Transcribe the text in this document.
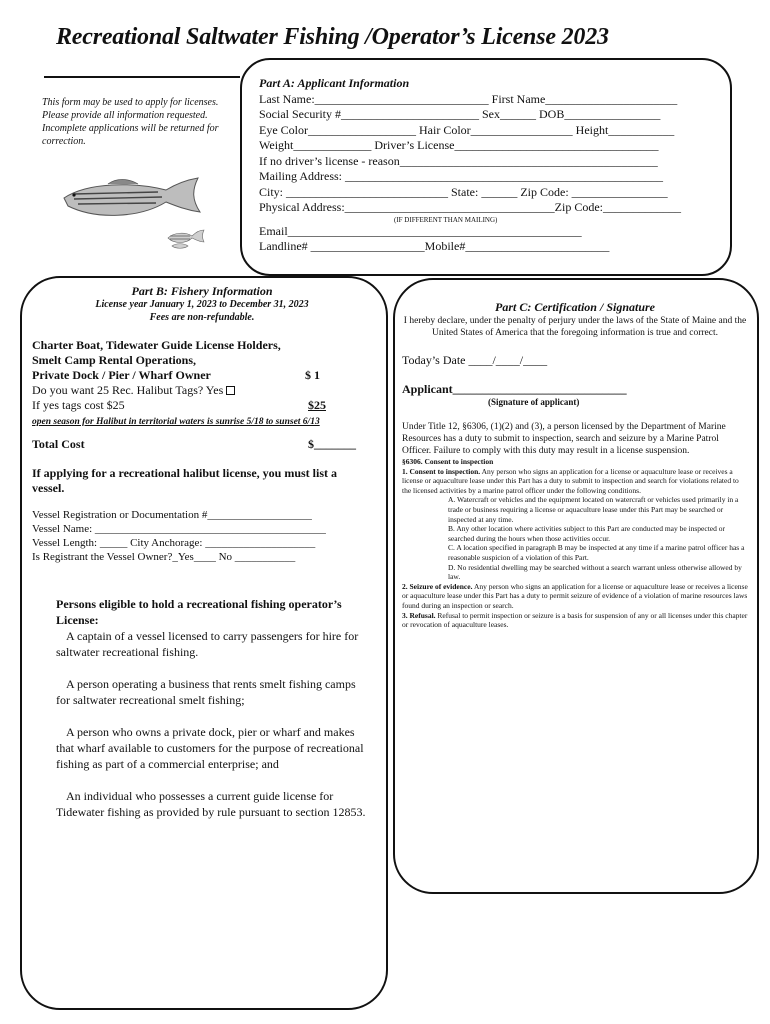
Recreational Saltwater Fishing /Operator’s License 2023
This form may be used to apply for licenses. Please provide all information requested. Incomplete applications will be returned for correction.
Part A: Applicant Information
Last Name:_____________________________ First Name______________________
Social Security #_______________________ Sex______ DOB________________
Eye Color__________________ Hair Color_________________ Height___________
Weight_____________ Driver’s License__________________________________
If no driver’s license - reason___________________________________________
Mailing Address: _____________________________________________________
City: ___________________________ State: ______ Zip Code: ________________
Physical Address:___________________________________Zip Code:_____________
(IF DIFFERENT THAN MAILING)
Email_________________________________________________
Landline# ___________________Mobile#________________________
Part B: Fishery Information
License year January 1, 2023 to December 31, 2023
Fees are non-refundable.
Charter Boat, Tidewater Guide License Holders,
Smelt Camp Rental Operations,
Private Dock / Pier / Wharf Owner	$ 1
Do you want 25 Rec. Halibut Tags? Yes
If yes tags cost $25	$25
open season for Halibut in territorial waters is sunrise 5/18 to sunset 6/13
Total Cost	$_______
If applying for a recreational halibut license, you must list a vessel.
Vessel Registration or Documentation #___________________
Vessel Name: __________________________________________
Vessel Length: _____ City Anchorage: ____________________
Is Registrant the Vessel Owner?_Yes____ No ___________

Persons eligible to hold a recreational fishing operator’s License:

A captain of a vessel licensed to carry passengers for hire for saltwater recreational fishing.

A person operating a business that rents smelt fishing camps for saltwater recreational smelt fishing;

A person who owns a private dock, pier or wharf and makes that wharf available to customers for the purpose of recreational fishing as part of a commercial enterprise; and

An individual who possesses a current guide license for Tidewater fishing as provided by rule pursuant to section 12853.

Part C: Certification / Signature
I hereby declare, under the penalty of perjury under the laws of the State of Maine and the United States of America that the foregoing information is true and correct.
Today’s Date ____/____/____
Applicant_____________________________
(Signature of applicant)
Under Title 12, §6306, (1)(2) and (3), a person licensed by the Department of Marine Resources has a duty to submit to inspection, search and seizure by a Marine Patrol Officer. Failure to comply with this duty may result in a license suspension.
§6306. Consent to inspection
1. Consent to inspection. Any person who signs an application for a license or aquaculture lease or receives a license or aquaculture lease under this Part has a duty to submit to inspection and search for violations related to the licensed activities by a marine patrol officer under the following conditions.
A. Watercraft or vehicles and the equipment located on watercraft or vehicles used primarily in a trade or business requiring a license or aquaculture lease under this Part may be searched or inspected at any time.
B. Any other location where activities subject to this Part are conducted may be inspected or searched during the hours when those activities occur.
C. A location specified in paragraph B may be inspected at any time if a marine patrol officer has a reasonable suspicion of a violation of this Part.
D. No residential dwelling may be searched without a search warrant unless otherwise allowed by law.
2. Seizure of evidence. Any person who signs an application for a license or aquaculture lease or receives a license or aquaculture lease under this Part has a duty to permit seizure of evidence of a violation of marine resources laws found during an inspection or search.
3. Refusal. Refusal to permit inspection or seizure is a basis for suspension of any or all licenses under this chapter or revocation of aquaculture leases.
